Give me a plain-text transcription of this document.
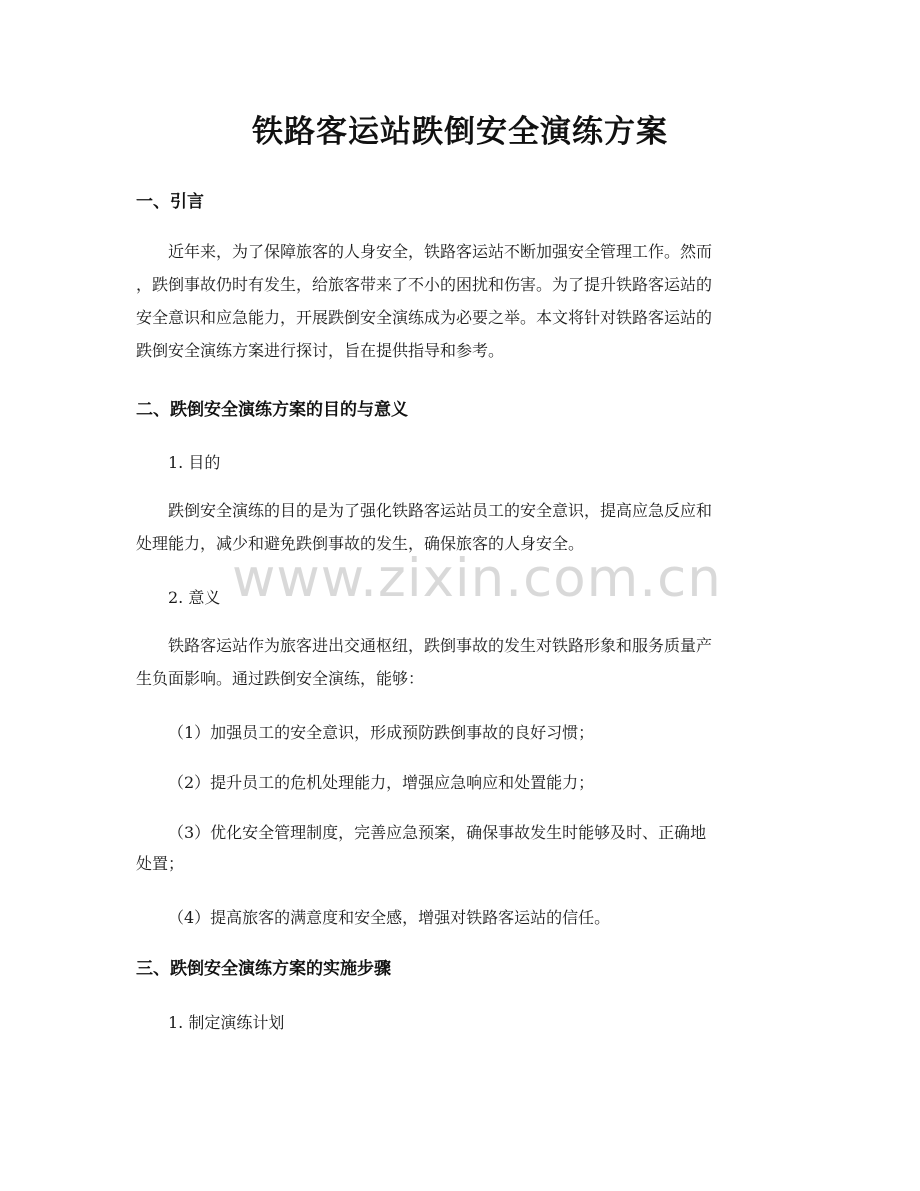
铁路客运站跌倒安全演练方案
一、引言
近年来，为了保障旅客的人身安全，铁路客运站不断加强安全管理工作。然而
，跌倒事故仍时有发生，给旅客带来了不小的困扰和伤害。为了提升铁路客运站的
安全意识和应急能力，开展跌倒安全演练成为必要之举。本文将针对铁路客运站的
跌倒安全演练方案进行探讨，旨在提供指导和参考。
二、跌倒安全演练方案的目的与意义
1. 目的
跌倒安全演练的目的是为了强化铁路客运站员工的安全意识，提高应急反应和
处理能力，减少和避免跌倒事故的发生，确保旅客的人身安全。
2. 意义
铁路客运站作为旅客进出交通枢纽，跌倒事故的发生对铁路形象和服务质量产
生负面影响。通过跌倒安全演练，能够：
（1）加强员工的安全意识，形成预防跌倒事故的良好习惯；
（2）提升员工的危机处理能力，增强应急响应和处置能力；
（3）优化安全管理制度，完善应急预案，确保事故发生时能够及时、正确地
处置；
（4）提高旅客的满意度和安全感，增强对铁路客运站的信任。
三、跌倒安全演练方案的实施步骤
1. 制定演练计划
www.zixin.com.cn
